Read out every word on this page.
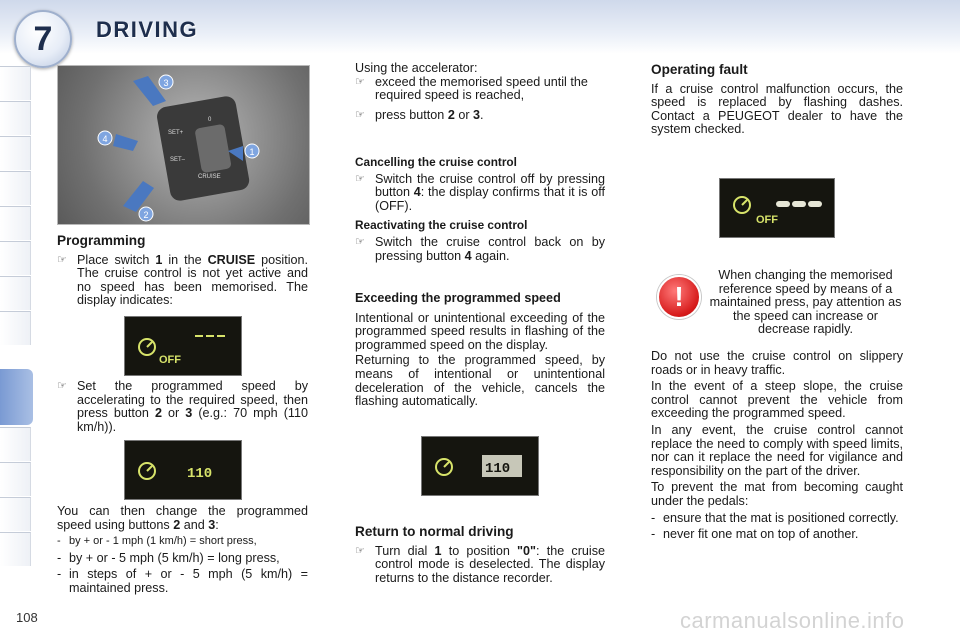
7	DRIVING
3
4
2
1
SET+
SET–
0
CRUISE
Programming
☞ Place switch 1 in the CRUISE position. The cruise control is not yet active and no speed has been memorised. The display indicates:
OFF
☞ Set the programmed speed by accelerating to the required speed, then press button 2 or 3 (e.g.: 70 mph (110 km/h)).
110

You can then change the programmed speed using buttons 2 and 3:

- by + or - 1 mph (1 km/h) = short press,
- by + or - 5 mph (5 km/h) = long press,
- in steps of + or - 5 mph (5 km/h) = maintained press.

Using the accelerator:

☞ exceed the memorised speed until the required speed is reached,
☞ press button 2 or 3.
Cancelling the cruise control
☞ Switch the cruise control off by pressing button 4: the display confirms that it is off (OFF).
Reactivating the cruise control
☞ Switch the cruise control back on by pressing button 4 again.
Exceeding the programmed speed

Intentional or unintentional exceeding of the programmed speed results in flashing of the programmed speed on the display.

Returning to the programmed speed, by means of intentional or unintentional deceleration of the vehicle, cancels the flashing automatically.

110
Return to normal driving
☞ Turn dial 1 to position "0": the cruise control mode is deselected. The display returns to the distance recorder.
Operating fault

If a cruise control malfunction occurs, the speed is replaced by flashing dashes. Contact a PEUGEOT dealer to have the system checked.

OFF
!

When changing the memorised reference speed by means of a maintained press, pay attention as the speed can increase or decrease rapidly.

Do not use the cruise control on slippery roads or in heavy traffic.

In the event of a steep slope, the cruise control cannot prevent the vehicle from exceeding the programmed speed.

In any event, the cruise control cannot replace the need to comply with speed limits, nor can it replace the need for vigilance and responsibility on the part of the driver.

To prevent the mat from becoming caught under the pedals:

- ensure that the mat is positioned correctly.
- never fit one mat on top of another.
108	carmanualsonline.info
